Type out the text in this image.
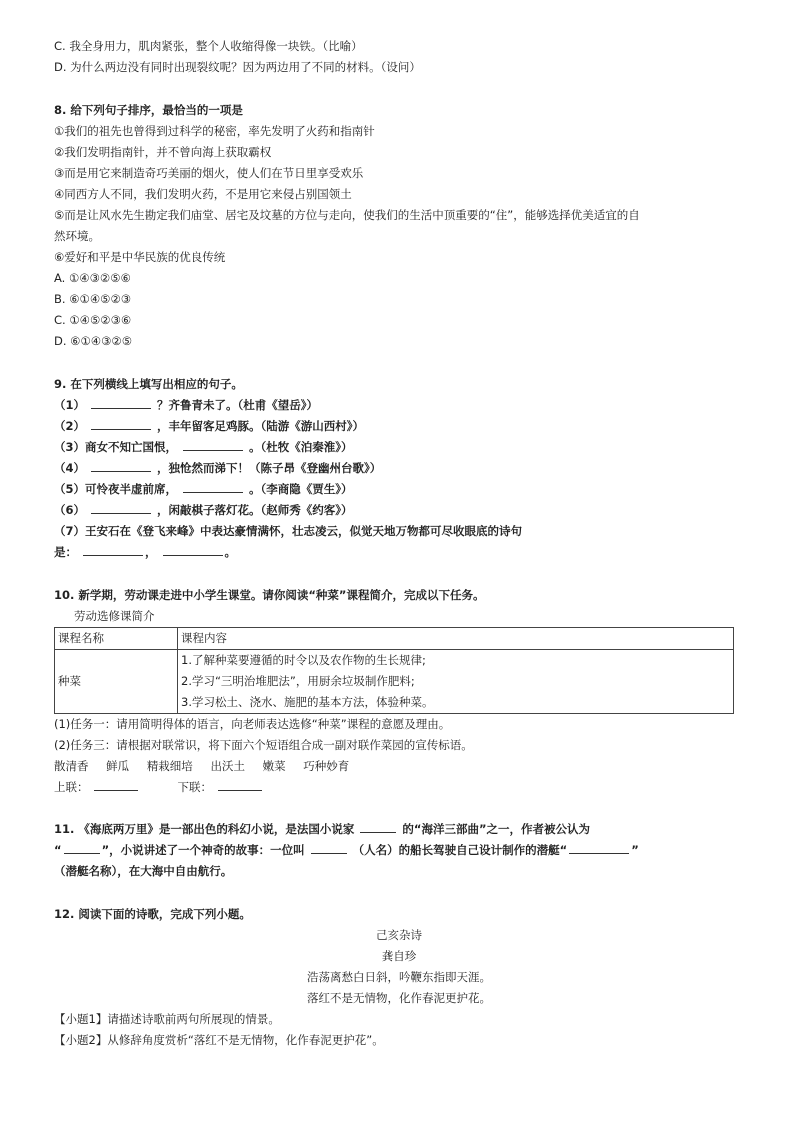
C. 我全身用力，肌肉紧张，整个人收缩得像一块铁。（比喻）
D. 为什么两边没有同时出现裂纹呢？因为两边用了不同的材料。（设问）
8. 给下列句子排序，最恰当的一项是
①我们的祖先也曾得到过科学的秘密，率先发明了火药和指南针
②我们发明指南针，并不曾向海上获取霸权
③而是用它来制造奇巧美丽的烟火，使人们在节日里享受欢乐
④同西方人不同，我们发明火药，不是用它来侵占别国领土
⑤而是让风水先生勘定我们庙堂、居宅及坟墓的方位与走向，使我们的生活中顶重要的“住”，能够选择优美适宜的自
然环境。
⑥爱好和平是中华民族的优良传统
A. ①④③②⑤⑥
B. ⑥①④⑤②③
C. ①④⑤②③⑥
D. ⑥①④③②⑤
9. 在下列横线上填写出相应的句子。
（1）	？齐鲁青未了。（杜甫《望岳》）
（2）	，丰年留客足鸡豚。（陆游《游山西村》）
（3）商女不知亡国恨，	。（杜牧《泊秦淮》）
（4）	，独怆然而涕下！（陈子昂《登幽州台歌》）
（5）可怜夜半虚前席，	。（李商隐《贾生》）
（6）	，闲敲棋子落灯花。（赵师秀《约客》）
（7）王安石在《登飞来峰》中表达豪情满怀，壮志凌云，似觉天地万物都可尽收眼底的诗句
是：	，	。
10. 新学期，劳动课走进中小学生课堂。请你阅读“种菜”课程简介，完成以下任务。
劳动选修课简介
课程名称	课程内容
种菜	1.了解种菜要遵循的时令以及农作物的生长规律;
2.学习“三明治堆肥法”，用厨余垃圾制作肥料;
3.学习松土、浇水、施肥的基本方法，体验种菜。
(1)任务一：请用简明得体的语言，向老师表达选修“种菜”课程的意愿及理由。
(2)任务三：请根据对联常识，将下面六个短语组合成一副对联作菜园的宣传标语。
散清香 鲜瓜 精栽细培 出沃土 嫩菜 巧种妙育
上联：	下联：
11. 《海底两万里》是一部出色的科幻小说，是法国小说家	的“海洋三部曲”之一，作者被公认为
“	”，小说讲述了一个神奇的故事：一位叫	（人名）的船长驾驶自己设计制作的潜艇“	”
（潜艇名称），在大海中自由航行。
12. 阅读下面的诗歌，完成下列小题。
己亥杂诗
龚自珍
浩荡离愁白日斜，吟鞭东指即天涯。
落红不是无情物，化作春泥更护花。
【小题1】请描述诗歌前两句所展现的情景。
【小题2】从修辞角度赏析“落红不是无情物，化作春泥更护花”。
